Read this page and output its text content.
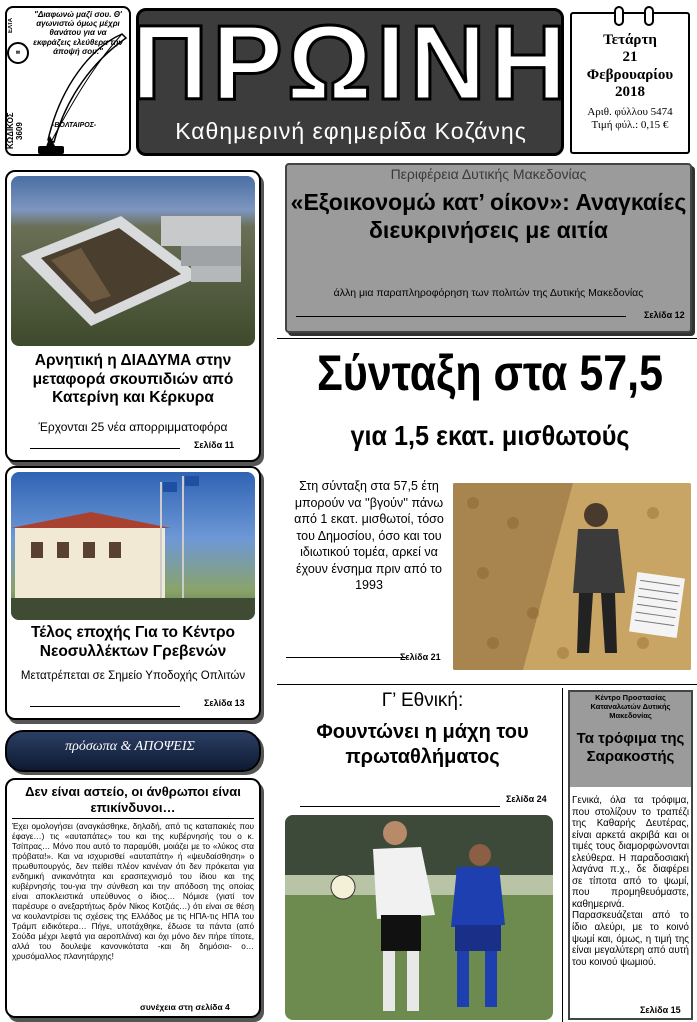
ΕΛΤΑ
✉
ΚΩΔΙΚΟΣ 3609
"Διαφωνώ μαζί σου. Θ' αγωνιστώ όμως μέχρι θανάτου για να εκφράζεις ελεύθερα την άποψή σου."
-ΒΟΛΤΑΙΡΟΣ-
ΠΡΩΙΝΗ
Καθημερινή εφημερίδα Κοζάνης
Τετάρτη
21
Φεβρουαρίου
2018
Αριθ. φύλλου 5474
Τιμή φύλ.: 0,15 €
Αρνητική η ΔΙΑΔΥΜΑ στην μεταφορά σκουπιδιών από Κατερίνη και Κέρκυρα
Έρχονται 25 νέα απορριμματοφόρα
Σελίδα 11
Τέλος εποχής Για το Κέντρο Νεοσυλλέκτων Γρεβενών
Μετατρέπεται σε Σημείο Υποδοχής Οπλιτών
Σελίδα 13
πρόσωπα & ΑΠΟΨΕΙΣ
Δεν είναι αστείο, οι άνθρωποι είναι επικίνδυνοι…
Έχει ομολογήσει (αναγκάσθηκε, δηλαδή, από τις καταπακιές που έφαγε…) τις «αυταπάτες» του και της κυβέρνησής του ο κ. Τσίπρας… Μόνο που αυτό το παραμύθι, μοιάζει με το «λύκος στα πρόβατα!». Και να ισχυρισθεί «αυταπάτη» ή «ψευδαίσθηση» ο πρωθυπουργός, δεν πείθει πλέον κανέναν ότι δεν πρόκειται για ενδημική ανικανότητα και ερασιτεχνισμό του ίδιου και της κυβέρνησής του-για την σύνθεση και την απόδοση της οποίας είναι αποκλειστικά υπεύθυνος ο ίδιος… Νόμισε (γιατί τον παρέσυρε ο ανεξαρτήτως δρόν Νίκος Κοτζιάς…) ότι είναι σε θέση να κουλαντρίσει τις σχέσεις της Ελλάδος με τις ΗΠΑ-τις ΗΠΑ του Τράμπ ειδικότερα… Πήγε, υποτάχθηκε, έδωσε τα πάντα (από Σούδα μέχρι λεφτά για αεροπλάνα) και όχι μόνο δεν πήρε τίποτε, αλλά του δουλεψε κανονικότατα -και δη δημόσια- ο… χρυσόμαλλος πλανητάρχης!
συνέχεια στη σελίδα 4
Περιφέρεια Δυτικής Μακεδονίας
«Εξοικονομώ κατ’ οίκον»: Αναγκαίες διευκρινήσεις με αιτία
άλλη μια παραπληροφόρηση των πολιτών της Δυτικής Μακεδονίας
Σελίδα 12
Σύνταξη στα 57,5
για 1,5 εκατ. μισθωτούς
Στη σύνταξη στα 57,5 έτη μπορούν να ''βγούν'' πάνω από 1 εκατ. μισθωτοί, τόσο του Δημοσίου, όσο και του ιδιωτικού τομέα, αρκεί να έχουν ένσημα πριν από το 1993
Σελίδα 21
Γ’ Εθνική:
Φουντώνει η μάχη του πρωταθλήματος
Σελίδα 24
Κέντρο Προστασίας Καταναλωτών Δυτικής Μακεδονίας
Τα τρόφιμα της Σαρακοστής
Γενικά, όλα τα τρόφιμα, που στολίζουν το τραπέζι της Καθαρής Δευτέρας, είναι αρκετά ακριβά και οι τιμές τους διαμορφώνονται ελεύθερα. Η παραδοσιακή λαγάνα π.χ., δε διαφέρει σε τίποτα από το ψωμί, που προμηθευόμαστε, καθημερινά. Παρασκευάζεται από το ίδιο αλεύρι, με το κοινό ψωμί και, όμως, η τιμή της είναι μεγαλύτερη από αυτή του κοινού ψωμιού.
Σελίδα 15
